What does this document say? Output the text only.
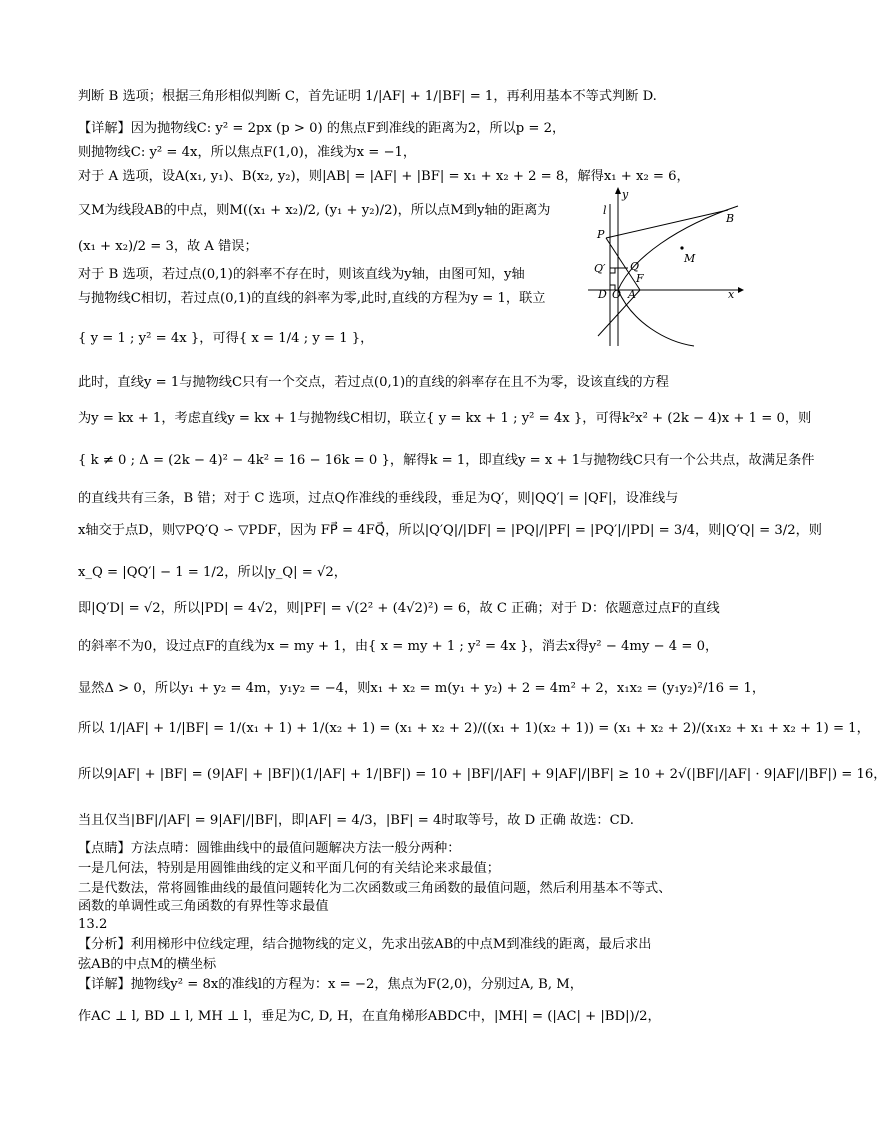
判断 B 选项；根据三角形相似判断 C，首先证明 1/|AF| + 1/|BF| = 1，再利用基本不等式判断 D.
【详解】因为抛物线C: y² = 2px (p > 0) 的焦点F到准线的距离为2，所以p = 2，
则抛物线C: y² = 4x，所以焦点F(1,0)，准线为x = −1，
对于 A 选项，设A(x₁, y₁)、B(x₂, y₂)，则|AB| = |AF| + |BF| = x₁ + x₂ + 2 = 8，解得x₁ + x₂ = 6，
又M为线段AB的中点，则M((x₁ + x₂)/2, (y₁ + y₂)/2)，所以点M到y轴的距离为
(x₁ + x₂)/2 = 3，故 A 错误；
对于 B 选项，若过点(0,1)的斜率不存在时，则该直线为y轴，由图可知，y轴
与抛物线C相切，若过点(0,1)的直线的斜率为零,此时,直线的方程为y = 1，联立
{ y = 1 ; y² = 4x }，可得{ x = 1/4 ; y = 1 }，
此时，直线y = 1与抛物线C只有一个交点，若过点(0,1)的直线的斜率存在且不为零，设该直线的方程
为y = kx + 1，考虑直线y = kx + 1与抛物线C相切，联立{ y = kx + 1 ; y² = 4x }，可得k²x² + (2k − 4)x + 1 = 0，则
{ k ≠ 0 ; Δ = (2k − 4)² − 4k² = 16 − 16k = 0 }，解得k = 1，即直线y = x + 1与抛物线C只有一个公共点，故满足条件
的直线共有三条，B 错；对于 C 选项，过点Q作准线的垂线段，垂足为Q′，则|QQ′| = |QF|，设准线与
x轴交于点D，则▽PQ′Q ∽ ▽PDF，因为 FP⃗ = 4FQ⃗，所以|Q′Q|/|DF| = |PQ|/|PF| = |PQ′|/|PD| = 3/4，则|Q′Q| = 3/2，则
x_Q = |QQ′| − 1 = 1/2，所以|y_Q| = √2，
即|Q′D| = √2，所以|PD| = 4√2，则|PF| = √(2² + (4√2)²) = 6，故 C 正确；对于 D：依题意过点F的直线
的斜率不为0，设过点F的直线为x = my + 1，由{ x = my + 1 ; y² = 4x }，消去x得y² − 4my − 4 = 0，
显然Δ > 0，所以y₁ + y₂ = 4m，y₁y₂ = −4，则x₁ + x₂ = m(y₁ + y₂) + 2 = 4m² + 2，x₁x₂ = (y₁y₂)²/16 = 1，
所以 1/|AF| + 1/|BF| = 1/(x₁ + 1) + 1/(x₂ + 1) = (x₁ + x₂ + 2)/((x₁ + 1)(x₂ + 1)) = (x₁ + x₂ + 2)/(x₁x₂ + x₁ + x₂ + 1) = 1，
所以9|AF| + |BF| = (9|AF| + |BF|)(1/|AF| + 1/|BF|) = 10 + |BF|/|AF| + 9|AF|/|BF| ≥ 10 + 2√(|BF|/|AF| · 9|AF|/|BF|) = 16，
当且仅当|BF|/|AF| = 9|AF|/|BF|，即|AF| = 4/3，|BF| = 4时取等号，故 D 正确 故选：CD.
【点睛】方法点晴：圆锥曲线中的最值问题解决方法一般分两种：
一是几何法，特别是用圆锥曲线的定义和平面几何的有关结论来求最值；
二是代数法，常将圆锥曲线的最值问题转化为二次函数或三角函数的最值问题，然后利用基本不等式、
函数的单调性或三角函数的有界性等求最值
13.2
【分析】利用梯形中位线定理，结合抛物线的定义，先求出弦AB的中点M到准线的距离，最后求出
弦AB的中点M的横坐标
【详解】抛物线y² = 8x的准线l的方程为：x = −2，焦点为F(2,0)，分别过A, B, M，
作AC ⊥ l, BD ⊥ l, MH ⊥ l，垂足为C, D, H，在直角梯形ABDC中，|MH| = (|AC| + |BD|)/2，
l
y
P
Q′ Q
F
D O A	x
M
B
